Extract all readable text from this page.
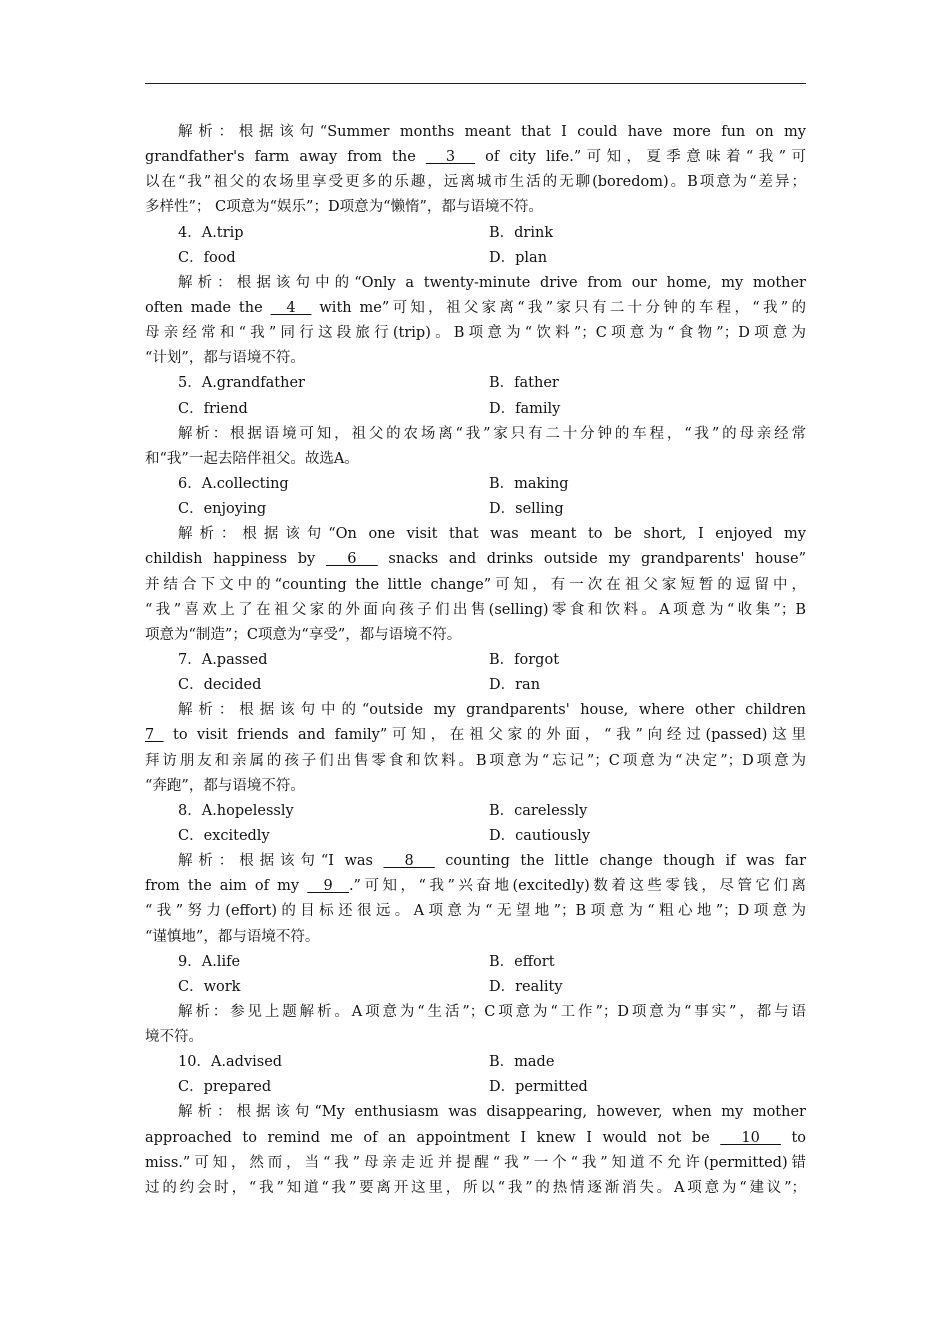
解析：根据该句“Summer months meant that I could have more fun on my
grandfather's farm away from the   3   of city life.”可知，夏季意味着“我”可
以在“我”祖父的农场里享受更多的乐趣，远离城市生活的无聊(boredom)。B项意为“差异；
多样性”； C项意为“娱乐”；D项意为“懒惰”，都与语境不符。
4．A.trip	B．drink
C．food	D．plan
解析：根据该句中的“Only a twenty-minute drive from our home, my mother
often made the   4   with me”可知，祖父家离“我”家只有二十分钟的车程，“我”的
母亲经常和“我”同行这段旅行(trip)。B项意为“饮料”；C项意为“食物”；D项意为
“计划”，都与语境不符。
5．A.grandfather	B．father
C．friend	D．family
解析：根据语境可知，祖父的农场离“我”家只有二十分钟的车程，“我”的母亲经常
和“我”一起去陪伴祖父。故选A。
6．A.collecting	B．making
C．enjoying	D．selling
解析：根据该句“On one visit that was meant to be short, I enjoyed my
childish happiness by   6   snacks and drinks outside my grandparents' house”
并结合下文中的“counting the little change”可知，有一次在祖父家短暂的逗留中，
“我”喜欢上了在祖父家的外面向孩子们出售(selling)零食和饮料。A项意为“收集”；B
项意为“制造”；C项意为“享受”，都与语境不符。
7．A.passed	B．forgot
C．decided	D．ran
解析：根据该句中的“outside my grandparents' house, where other children
7  to visit friends and family”可知，在祖父家的外面，“我”向经过(passed)这里
拜访朋友和亲属的孩子们出售零食和饮料。B项意为“忘记”；C项意为“决定”；D项意为
“奔跑”，都与语境不符。
8．A.hopelessly	B．carelessly
C．excitedly	D．cautiously
解析：根据该句“I was   8   counting the little change though if was far
from the aim of my   9  .”可知，“我”兴奋地(excitedly)数着这些零钱，尽管它们离
“我”努力(effort)的目标还很远。A项意为“无望地”；B项意为“粗心地”；D项意为
“谨慎地”，都与语境不符。
9．A.life	B．effort
C．work	D．reality
解析：参见上题解析。A项意为“生活”；C项意为“工作”；D项意为“事实”，都与语
境不符。
10．A.advised	B．made
C．prepared	D．permitted
解析：根据该句“My enthusiasm was disappearing, however, when my mother
approached to remind me of an appointment I knew I would not be   10   to
miss.”可知，然而，当“我”母亲走近并提醒“我”一个“我”知道不允许(permitted)错
过的约会时，“我”知道“我”要离开这里，所以“我”的热情逐渐消失。A项意为“建议”；
